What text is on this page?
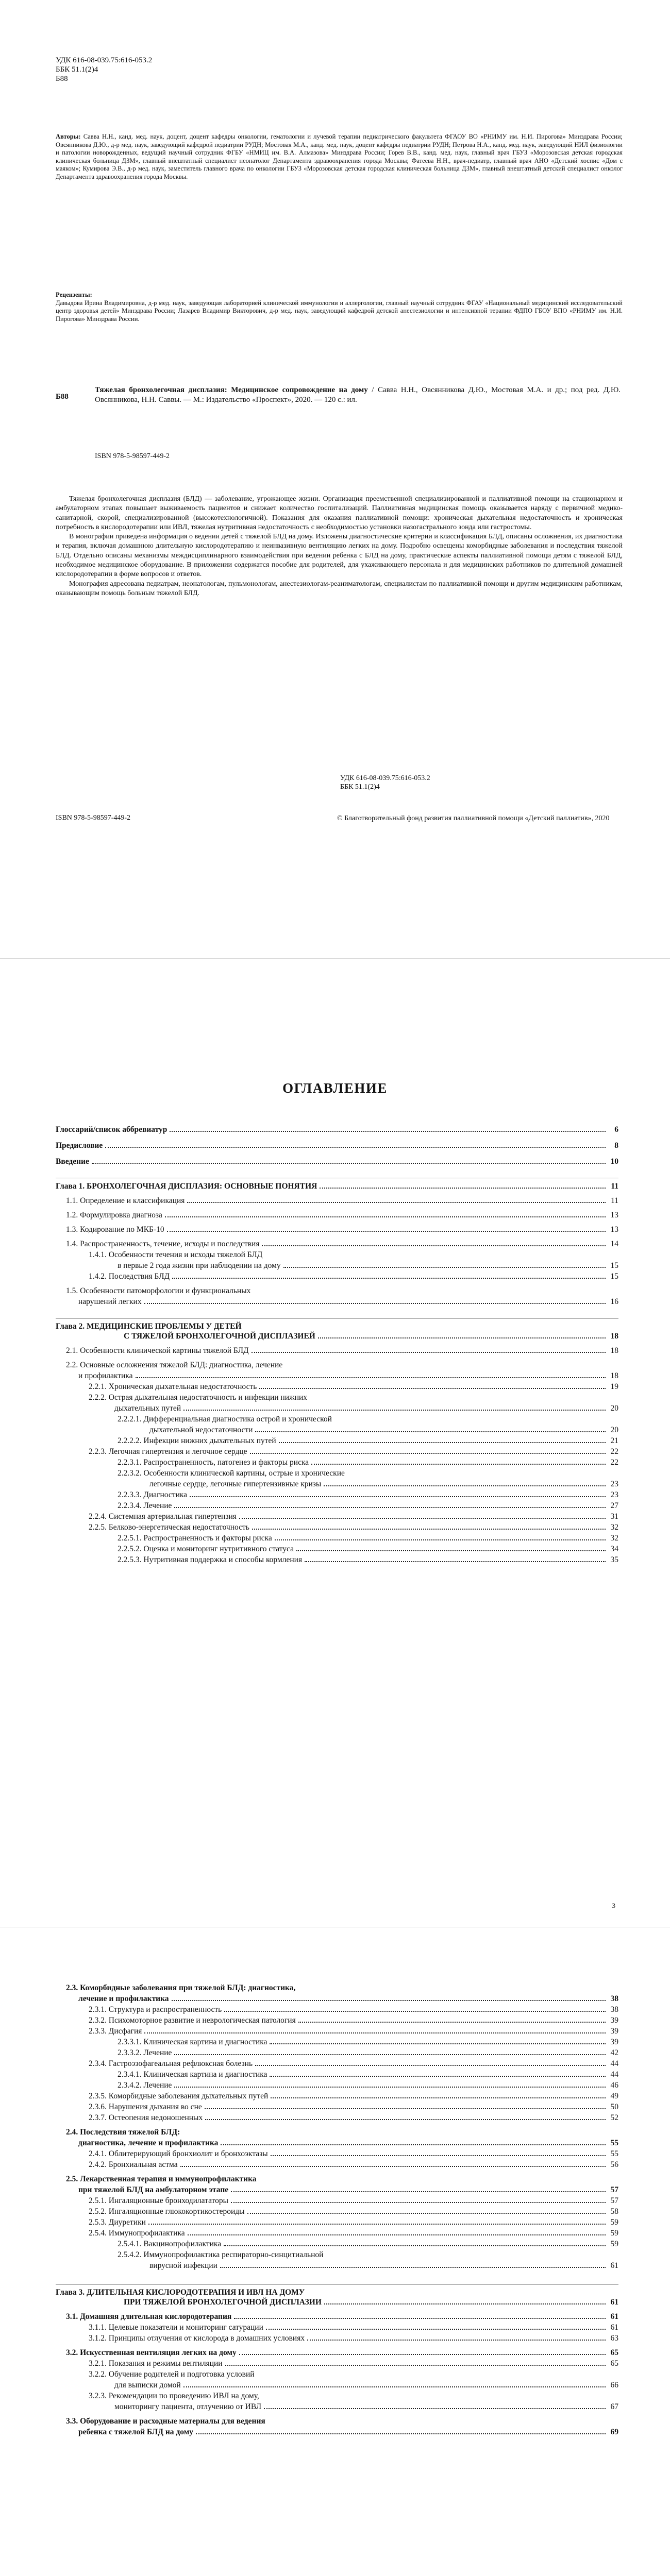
УДК 616-08-039.75:616-053.2
ББК 51.1(2)4
Б88
Авторы: Савва Н.Н., канд. мед. наук, доцент, доцент кафедры онкологии, гематологии и лучевой терапии педиатрического факультета ФГАОУ ВО «РНИМУ им. Н.И. Пирогова» Минздрава России; Овсянникова Д.Ю., д-р мед. наук, заведующий кафедрой педиатрии РУДН; Мостовая М.А., канд. мед. наук, доцент кафедры педиатрии РУДН; Петрова Н.А., канд. мед. наук, заведующий НИЛ физиологии и патологии новорожденных, ведущий научный сотрудник ФГБУ «НМИЦ им. В.А. Алмазова» Минздрава России; Горев В.В., канд. мед. наук, главный врач ГБУЗ «Морозовская детская городская клиническая больница ДЗМ», главный внештатный специалист неонатолог Департамента здравоохранения города Москвы; Фатеева Н.Н., врач-педиатр, главный врач АНО «Детский хоспис «Дом с маяком»; Кумирова Э.В., д-р мед. наук, заместитель главного врача по онкологии ГБУЗ «Морозовская детская городская клиническая больница ДЗМ», главный внештатный детский специалист онколог Департамента здравоохранения города Москвы.
Рецензенты:
Давыдова Ирина Владимировна, д-р мед. наук, заведующая лабораторией клинической иммунологии и аллергологии, главный научный сотрудник ФГАУ «Национальный медицинский исследовательский центр здоровья детей» Минздрава России; Лазарев Владимир Викторович, д-р мед. наук, заведующий кафедрой детской анестезиологии и интенсивной терапии ФДПО ГБОУ ВПО «РНИМУ им. Н.И. Пирогова» Минздрава России.
Б88
Тяжелая бронхолегочная дисплазия: Медицинское сопровождение на дому / Савва Н.Н., Овсянникова Д.Ю., Мостовая М.А. и др.; под ред. Д.Ю. Овсянникова, Н.Н. Саввы. — М.: Издательство «Проспект», 2020. — 120 с.: ил.
ISBN 978-5-98597-449-2

Тяжелая бронхолегочная дисплазия (БЛД) — заболевание, угрожающее жизни. Организация преемственной специализированной и паллиативной помощи на стационарном и амбулаторном этапах повышает выживаемость пациентов и снижает количество госпитализаций. Паллиативная медицинская помощь оказывается наряду с первичной медико-санитарной, скорой, специализированной (высокотехнологичной). Показания для оказания паллиативной помощи: хроническая дыхательная недостаточность и хроническая потребность в кислородотерапии или ИВЛ, тяжелая нутритивная недостаточность с необходимостью установки назогастрального зонда или гастростомы.

В монографии приведена информация о ведении детей с тяжелой БЛД на дому. Изложены диагностические критерии и классификация БЛД, описаны осложнения, их диагностика и терапия, включая домашнюю длительную кислородотерапию и неинвазивную вентиляцию легких на дому. Подробно освещены коморбидные заболевания и последствия тяжелой БЛД. Отдельно описаны механизмы междисциплинарного взаимодействия при ведении ребенка с БЛД на дому, практические аспекты паллиативной помощи детям с тяжелой БЛД, необходимое медицинское оборудование. В приложении содержатся пособие для родителей, для ухаживающего персонала и для медицинских работников по длительной домашней кислородотерапии в форме вопросов и ответов.

Монография адресована педиатрам, неонатологам, пульмонологам, анестезиологам-реаниматологам, специалистам по паллиативной помощи и другим медицинским работникам, оказывающим помощь больным тяжелой БЛД.

УДК 616-08-039.75:616-053.2
ББК 51.1(2)4
ISBN 978-5-98597-449-2	© Благотворительный фонд развития паллиативной помощи «Детский паллиатив», 2020
ОГЛАВЛЕНИЕ
Глоссарий/список аббревиатур	6
Предисловие	8
Введение	10
Глава 1. БРОНХОЛЕГОЧНАЯ ДИСПЛАЗИЯ: ОСНОВНЫЕ ПОНЯТИЯ	11
1.1. Определение и классификация	11
1.2. Формулировка диагноза	13
1.3. Кодирование по МКБ-10	13
1.4. Распространенность, течение, исходы и последствия	14
1.4.1. Особенности течения и исходы тяжелой БЛД
в первые 2 года жизни при наблюдении на дому	15
1.4.2. Последствия БЛД	15
1.5. Особенности патоморфологии и функциональных
нарушений легких	16
Глава 2. МЕДИЦИНСКИЕ ПРОБЛЕМЫ У ДЕТЕЙ
С ТЯЖЕЛОЙ БРОНХОЛЕГОЧНОЙ ДИСПЛАЗИЕЙ	18
2.1. Особенности клинической картины тяжелой БЛД	18
2.2. Основные осложнения тяжелой БЛД: диагностика, лечение
и профилактика	18
2.2.1. Хроническая дыхательная недостаточность	19
2.2.2. Острая дыхательная недостаточность и инфекции нижних
дыхательных путей	20
2.2.2.1. Дифференциальная диагностика острой и хронической
дыхательной недостаточности	20
2.2.2.2. Инфекции нижних дыхательных путей	21
2.2.3. Легочная гипертензия и легочное сердце	22
2.2.3.1. Распространенность, патогенез и факторы риска	22
2.2.3.2. Особенности клинической картины, острые и хронические
легочные сердце, легочные гипертензивные кризы	23
2.2.3.3. Диагностика	23
2.2.3.4. Лечение	27
2.2.4. Системная артериальная гипертензия	31
2.2.5. Белково-энергетическая недостаточность	32
2.2.5.1. Распространенность и факторы риска	32
2.2.5.2. Оценка и мониторинг нутритивного статуса	34
2.2.5.3. Нутритивная поддержка и способы кормления	35
3
2.3. Коморбидные заболевания при тяжелой БЛД: диагностика,
лечение и профилактика	38
2.3.1. Структура и распространенность	38
2.3.2. Психомоторное развитие и неврологическая патология	39
2.3.3. Дисфагия	39
2.3.3.1. Клиническая картина и диагностика	39
2.3.3.2. Лечение	42
2.3.4. Гастроэзофагеальная рефлюксная болезнь	44
2.3.4.1. Клиническая картина и диагностика	44
2.3.4.2. Лечение	46
2.3.5. Коморбидные заболевания дыхательных путей	49
2.3.6. Нарушения дыхания во сне	50
2.3.7. Остеопения недоношенных	52
2.4. Последствия тяжелой БЛД:
диагностика, лечение и профилактика	55
2.4.1. Облитерирующий бронхиолит и бронхоэктазы	55
2.4.2. Бронхиальная астма	56
2.5. Лекарственная терапия и иммунопрофилактика
при тяжелой БЛД на амбулаторном этапе	57
2.5.1. Ингаляционные бронходилататоры	57
2.5.2. Ингаляционные глюкокортикостероиды	58
2.5.3. Диуретики	59
2.5.4. Иммунопрофилактика	59
2.5.4.1. Вакцинопрофилактика	59
2.5.4.2. Иммунопрофилактика респираторно-синцитиальной
вирусной инфекции	61
Глава 3. ДЛИТЕЛЬНАЯ КИСЛОРОДОТЕРАПИЯ И ИВЛ НА ДОМУ
ПРИ ТЯЖЕЛОЙ БРОНХОЛЕГОЧНОЙ ДИСПЛАЗИИ	61
3.1. Домашняя длительная кислородотерапия	61
3.1.1. Целевые показатели и мониторинг сатурации	61
3.1.2. Принципы отлучения от кислорода в домашних условиях	63
3.2. Искусственная вентиляция легких на дому	65
3.2.1. Показания и режимы вентиляции	65
3.2.2. Обучение родителей и подготовка условий
для выписки домой	66
3.2.3. Рекомендации по проведению ИВЛ на дому,
мониторингу пациента, отлучению от ИВЛ	67
3.3. Оборудование и расходные материалы для ведения
ребенка с тяжелой БЛД на дому	69
